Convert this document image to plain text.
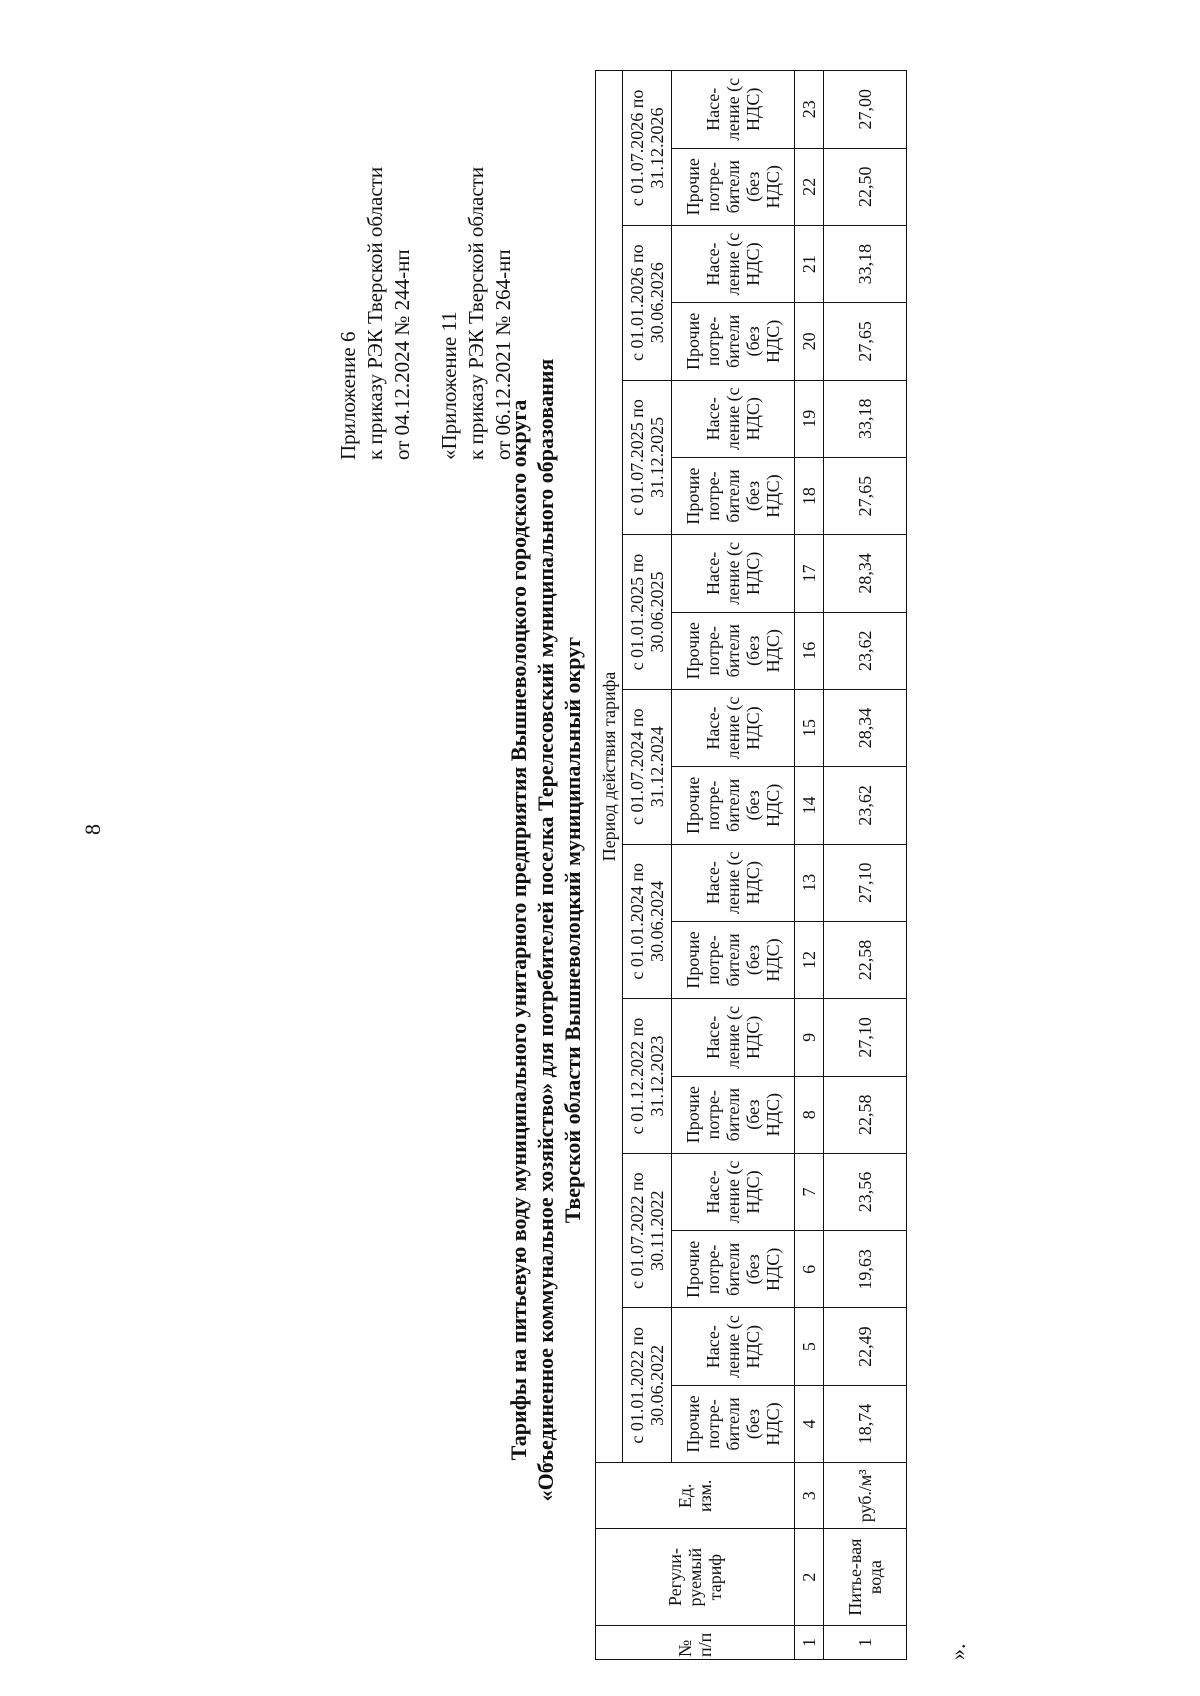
8
Приложение 6 к приказу РЭК Тверской области от 04.12.2024 № 244-нп «Приложение 11 к приказу РЭК Тверской области от 06.12.2021 № 264-нп
Тарифы на питьевую воду муниципального унитарного предприятия Вышневолоцкого городского округа «Объединенное коммунальное хозяйство» для потребителей поселка Терелесовский муниципального образования Тверской области Вышневолоцкий муниципальный округ
№ п/п	Регули-руемый тариф	Ед. изм.	Период действия тарифа																	
			с 01.01.2022 по 30.06.2022		с 01.07.2022 по 30.11.2022		с 01.12.2022 по 31.12.2023		с 01.01.2024 по 30.06.2024		с 01.07.2024 по 31.12.2024		с 01.01.2025 по 30.06.2025		с 01.07.2025 по 31.12.2025		с 01.01.2026 по 30.06.2026		с 01.07.2026 по 31.12.2026	
			Прочие потре-бители (без НДС)	Насе-ление (с НДС)	Прочие потре-бители (без НДС)	Насе-ление (с НДС)	Прочие потре-бители (без НДС)	Насе-ление (с НДС)	Прочие потре-бители (без НДС)	Насе-ление (с НДС)	Прочие потре-бители (без НДС)	Насе-ление (с НДС)	Прочие потре-бители (без НДС)	Насе-ление (с НДС)	Прочие потре-бители (без НДС)	Насе-ление (с НДС)	Прочие потре-бители (без НДС)	Насе-ление (с НДС)	Прочие потре-бители (без НДС)	Насе-ление (с НДС)
1	2	3	4	5	6	7	8	9	12	13	14	15	16	17	18	19	20	21	22	23
1	Питье-вая вода	руб./м³	18,74	22,49	19,63	23,56	22,58	27,10	22,58	27,10	23,62	28,34	23,62	28,34	27,65	33,18	27,65	33,18	22,50	27,00
».
